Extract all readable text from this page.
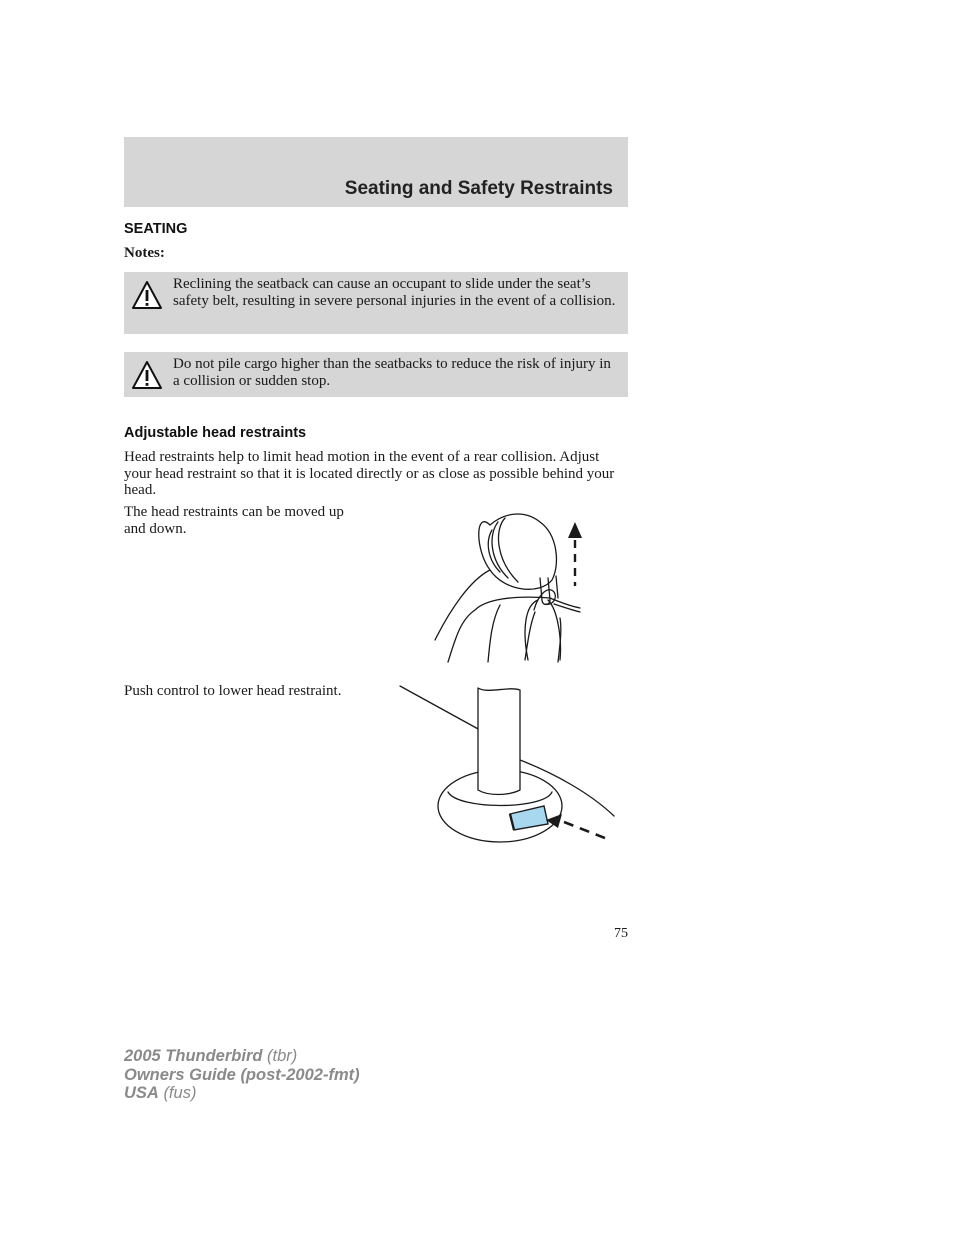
Seating and Safety Restraints
SEATING
Notes:
Reclining the seatback can cause an occupant to slide under the seat’s safety belt, resulting in severe personal injuries in the event of a collision.
Do not pile cargo higher than the seatbacks to reduce the risk of injury in a collision or sudden stop.
Adjustable head restraints
Head restraints help to limit head motion in the event of a rear collision. Adjust your head restraint so that it is located directly or as close as possible behind your head.
The head restraints can be moved up and down.
Push control to lower head restraint.
75
2005 Thunderbird (tbr)
Owners Guide (post-2002-fmt)
USA (fus)
